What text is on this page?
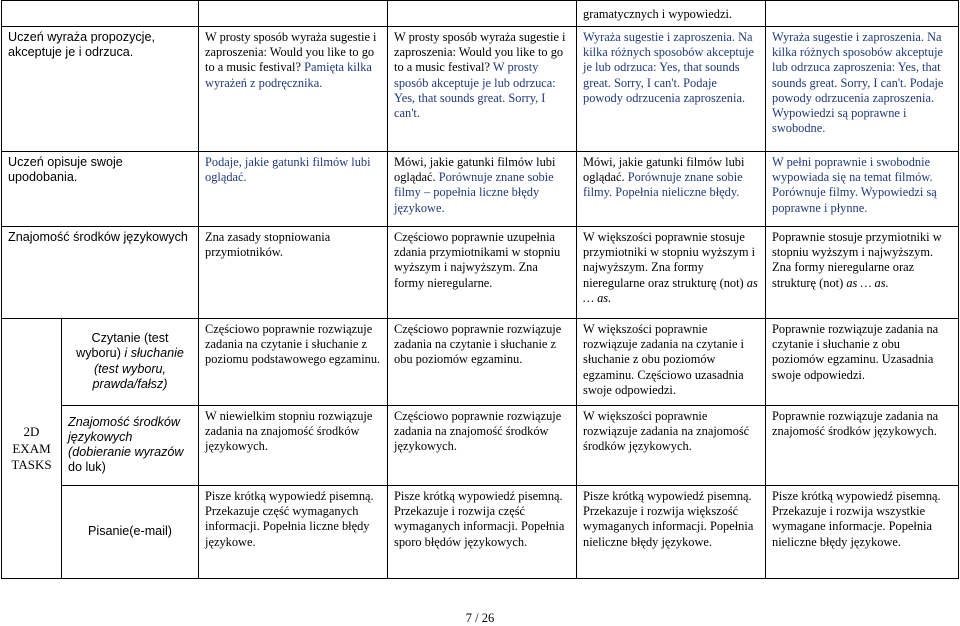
				gramatycznych i wypowiedzi.	
Uczeń wyraża propozycje, akceptuje je i odrzuca.		W prosty sposób wyraża sugestie i zaproszenia: Would you like to go to a music festival? Pamięta kilka wyrażeń z podręcznika.	W prosty sposób wyraża sugestie i zaproszenia: Would you like to go to a music festival? W prosty sposób akceptuje je lub odrzuca: Yes, that sounds great. Sorry, I can't.	Wyraża sugestie i zaproszenia. Na kilka różnych sposobów akceptuje je lub odrzuca: Yes, that sounds great. Sorry, I can't. Podaje powody odrzucenia zaproszenia.	Wyraża sugestie i zaproszenia. Na kilka różnych sposobów akceptuje lub odrzuca zaproszenia: Yes, that sounds great. Sorry, I can't. Podaje powody odrzucenia zaproszenia. Wypowiedzi są poprawne i swobodne.
Uczeń opisuje swoje upodobania.		Podaje, jakie gatunki filmów lubi oglądać.	Mówi, jakie gatunki filmów lubi oglądać. Porównuje znane sobie filmy – popełnia liczne błędy językowe.	Mówi, jakie gatunki filmów lubi oglądać. Porównuje znane sobie filmy. Popełnia nieliczne błędy.	W pełni poprawnie i swobodnie wypowiada się na temat filmów. Porównuje filmy. Wypowiedzi są poprawne i płynne.
Znajomość środków językowych		Zna zasady stopniowania przymiotników.	Częściowo poprawnie uzupełnia zdania przymiotnikami w stopniu wyższym i najwyższym. Zna formy nieregularne.	W większości poprawnie stosuje przymiotniki w stopniu wyższym i najwyższym. Zna formy nieregularne oraz strukturę (not) as … as.	Poprawnie stosuje przymiotniki w stopniu wyższym i najwyższym. Zna formy nieregularne oraz strukturę (not) as … as.
2D

EXAM TASKS	Czytanie (test wyboru) i słuchanie (test wyboru, prawda/fałsz)	Częściowo poprawnie rozwiązuje zadania na czytanie i słuchanie z poziomu podstawowego egzaminu.	Częściowo poprawnie rozwiązuje zadania na czytanie i słuchanie z obu poziomów egzaminu.	W większości poprawnie rozwiązuje zadania na czytanie i słuchanie z obu poziomów egzaminu. Częściowo uzasadnia swoje odpowiedzi.	Poprawnie rozwiązuje zadania na czytanie i słuchanie z obu poziomów egzaminu. Uzasadnia swoje odpowiedzi.
	Znajomość środków językowych (dobieranie wyrazów do luk)	W niewielkim stopniu rozwiązuje zadania na znajomość środków językowych.	Częściowo poprawnie rozwiązuje zadania na znajomość środków językowych.	W większości poprawnie rozwiązuje zadania na znajomość środków językowych.	Poprawnie rozwiązuje zadania na znajomość środków językowych.
	Pisanie(e-mail)	Pisze krótką wypowiedź pisemną. Przekazuje część wymaganych informacji. Popełnia liczne błędy językowe.	Pisze krótką wypowiedź pisemną. Przekazuje i rozwija część wymaganych informacji. Popełnia sporo błędów językowych.	Pisze krótką wypowiedź pisemną. Przekazuje i rozwija większość wymaganych informacji. Popełnia nieliczne błędy językowe.	Pisze krótką wypowiedź pisemną. Przekazuje i rozwija wszystkie wymagane informacje. Popełnia nieliczne błędy językowe.
7 / 26
